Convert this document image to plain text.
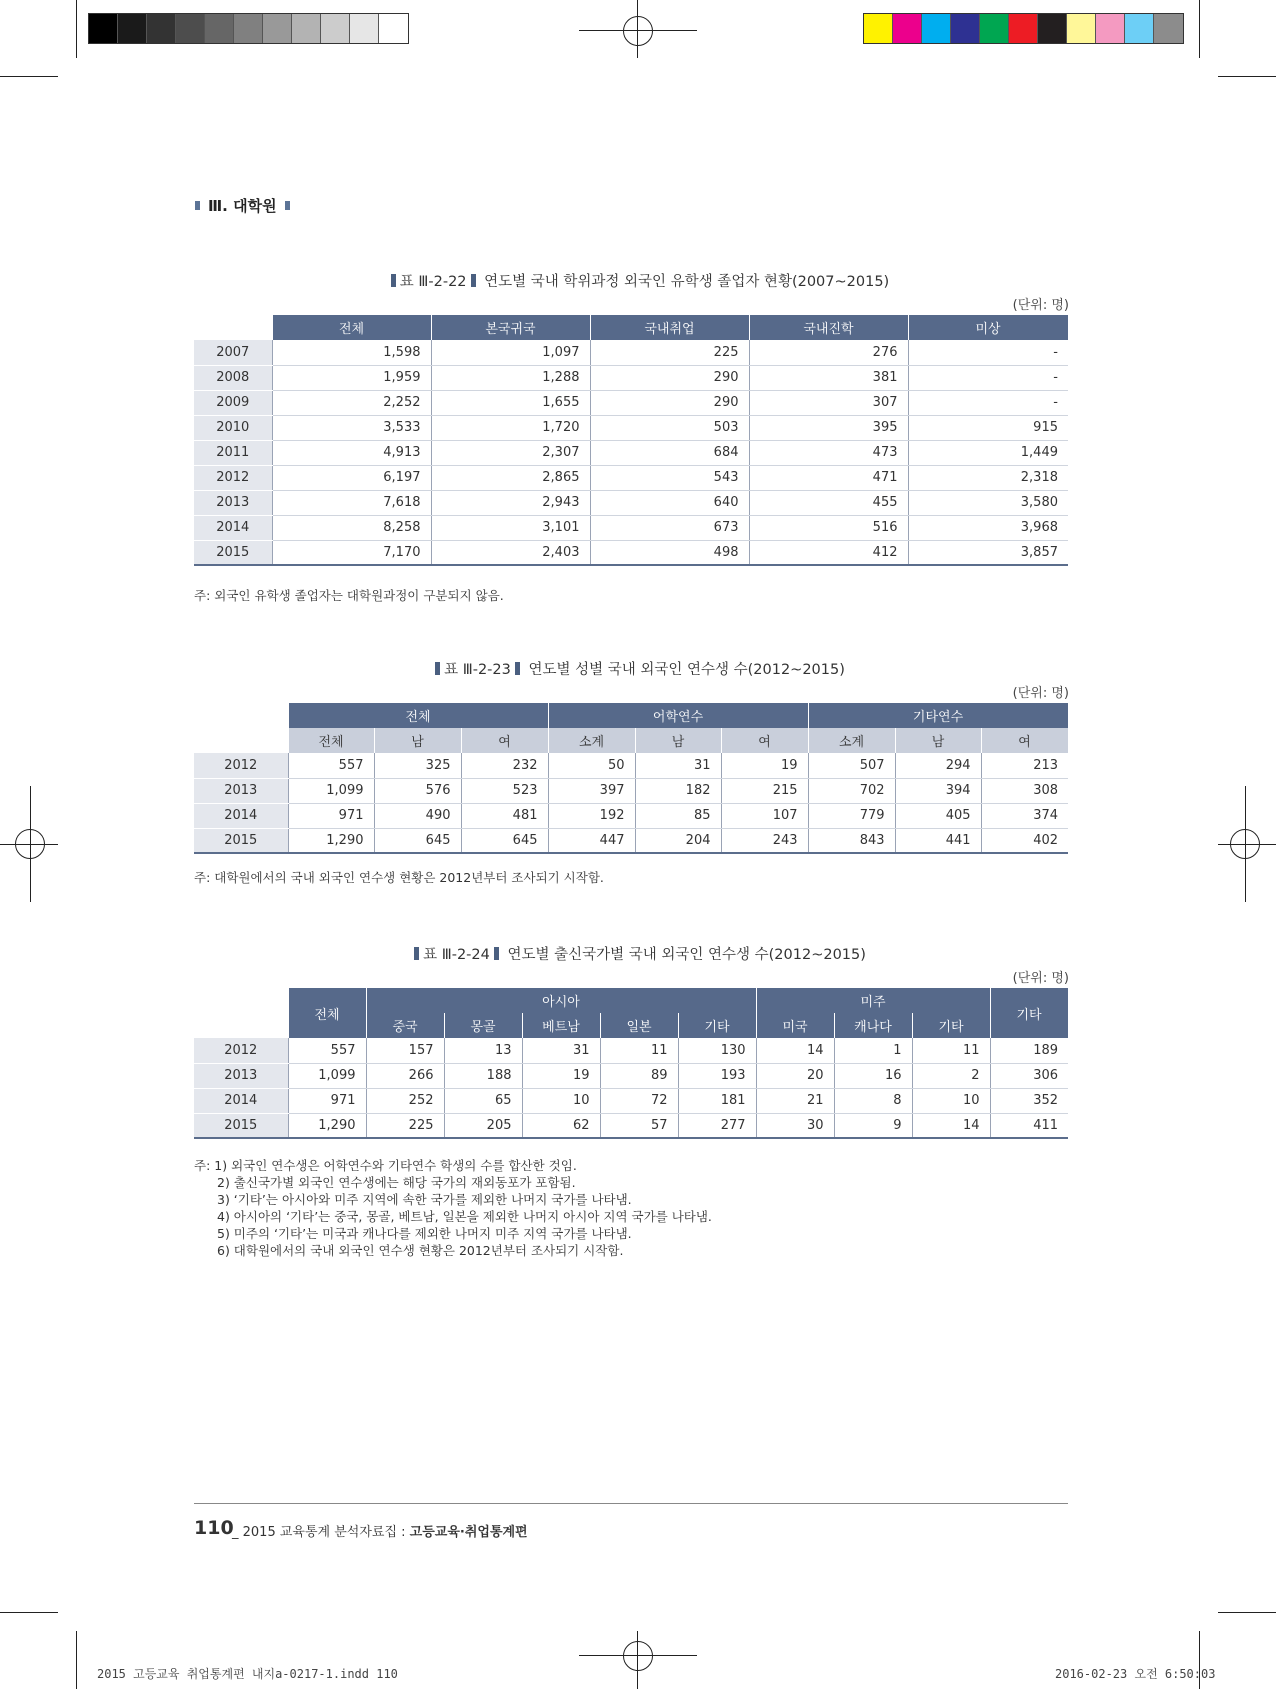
Ⅲ. 대학원
표 Ⅲ-2-22 연도별 국내 학위과정 외국인 유학생 졸업자 현황(2007~2015)
(단위: 명)
	전체	본국귀국	국내취업	국내진학	미상
2007	1,598	1,097	225	276	-
2008	1,959	1,288	290	381	-
2009	2,252	1,655	290	307	-
2010	3,533	1,720	503	395	915
2011	4,913	2,307	684	473	1,449
2012	6,197	2,865	543	471	2,318
2013	7,618	2,943	640	455	3,580
2014	8,258	3,101	673	516	3,968
2015	7,170	2,403	498	412	3,857
주: 외국인 유학생 졸업자는 대학원과정이 구분되지 않음.
표 Ⅲ-2-23 연도별 성별 국내 외국인 연수생 수(2012~2015)
(단위: 명)
	전체			어학연수			기타연수		
	전체	남	여	소계	남	여	소계	남	여
2012	557	325	232	50	31	19	507	294	213
2013	1,099	576	523	397	182	215	702	394	308
2014	971	490	481	192	85	107	779	405	374
2015	1,290	645	645	447	204	243	843	441	402
주: 대학원에서의 국내 외국인 연수생 현황은 2012년부터 조사되기 시작함.
표 Ⅲ-2-24 연도별 출신국가별 국내 외국인 연수생 수(2012~2015)
(단위: 명)
	전체	아시아					미주			기타
		중국	몽골	베트남	일본	기타	미국	캐나다	기타	
2012	557	157	13	31	11	130	14	1	11	189
2013	1,099	266	188	19	89	193	20	16	2	306
2014	971	252	65	10	72	181	21	8	10	352
2015	1,290	225	205	62	57	277	30	9	14	411
주: 1) 외국인 연수생은 어학연수와 기타연수 학생의 수를 합산한 것임.
2) 출신국가별 외국인 연수생에는 해당 국가의 재외동포가 포함됨.
3) ‘기타’는 아시아와 미주 지역에 속한 국가를 제외한 나머지 국가를 나타냄.
4) 아시아의 ‘기타’는 중국, 몽골, 베트남, 일본을 제외한 나머지 아시아 지역 국가를 나타냄.
5) 미주의 ‘기타’는 미국과 캐나다를 제외한 나머지 미주 지역 국가를 나타냄.
6) 대학원에서의 국내 외국인 연수생 현황은 2012년부터 조사되기 시작함.
110
_ 2015 교육통계 분석자료집 : 고등교육·취업통계편
2015 고등교육 취업통계편 내지a-0217-1.indd 110	2016-02-23 오전 6:50:03
